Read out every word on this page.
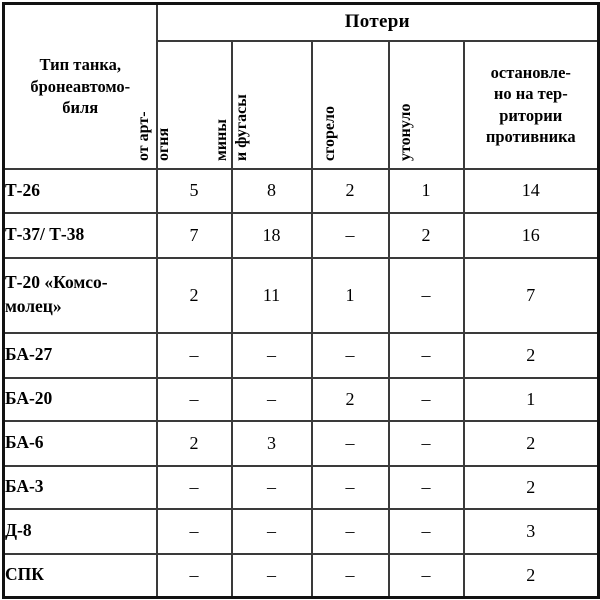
Тип танка,
бронеавтомо-
биля	Потери				

	от арт- огня	мины и фугасы	сгорело	утонуло	остановле-
но на тер-
ритории
противника

Т-26	5	8	2	1	14
Т-37/ Т-38	7	18	–	2	16
Т-20 «Комсо-
молец»	2	11	1	–	7
БА-27	–	–	–	–	2
БА-20	–	–	2	–	1
БА-6	2	3	–	–	2
БА-3	–	–	–	–	2
Д-8	–	–	–	–	3
СПК	–	–	–	–	2
